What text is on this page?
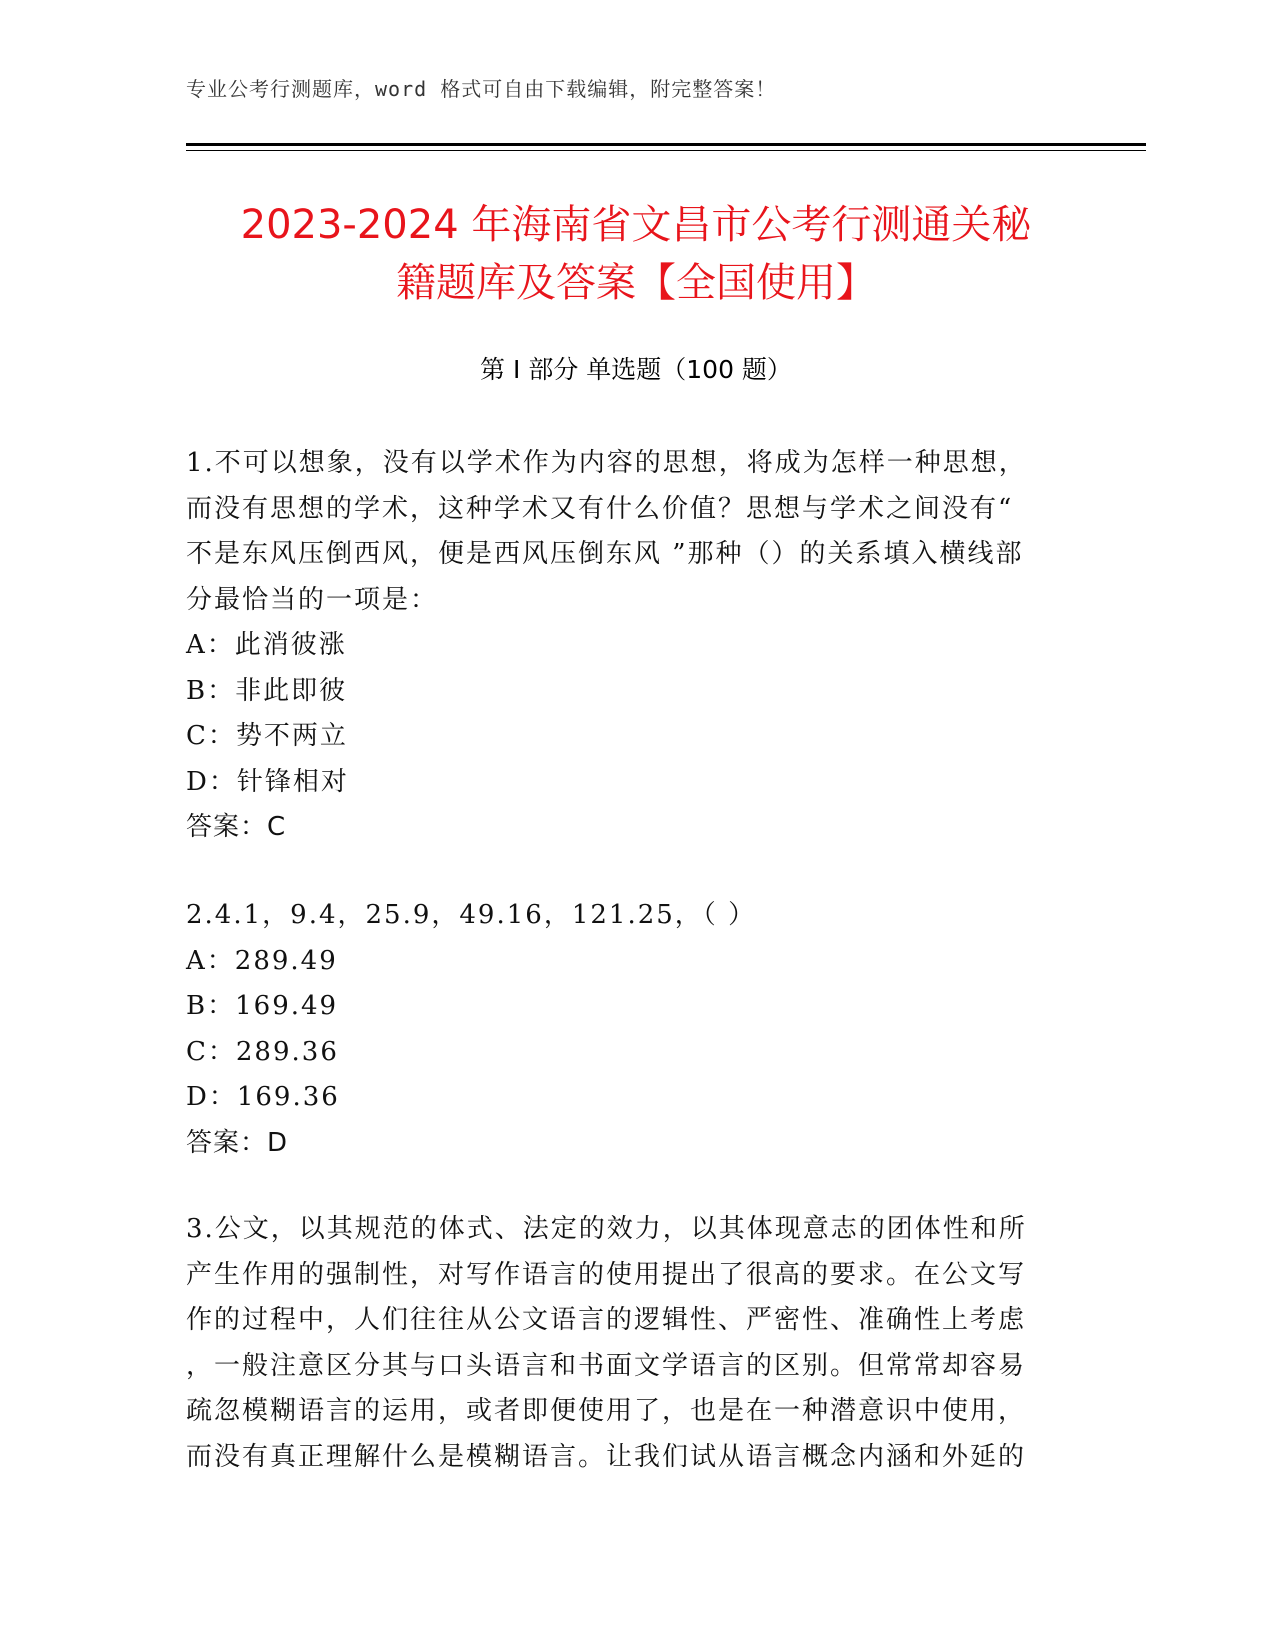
专业公考行测题库，word 格式可自由下载编辑，附完整答案！
2023-2024 年海南省文昌市公考行测通关秘
籍题库及答案【全国使用】
第 I 部分 单选题（100 题）

1.不可以想象，没有以学术作为内容的思想，将成为怎样一种思想，

而没有思想的学术，这种学术又有什么价值？思想与学术之间没有“

不是东风压倒西风，便是西风压倒东风 ”那种（）的关系填入横线部

分最恰当的一项是：

A：此消彼涨

B：非此即彼

C：势不两立

D：针锋相对

答案：C

2.4.1，9.4，25.9，49.16，121.25，（ ）

A：289.49

B：169.49

C：289.36

D：169.36

答案：D

3.公文，以其规范的体式、法定的效力，以其体现意志的团体性和所

产生作用的强制性，对写作语言的使用提出了很高的要求。在公文写

作的过程中，人们往往从公文语言的逻辑性、严密性、准确性上考虑

，一般注意区分其与口头语言和书面文学语言的区别。但常常却容易

疏忽模糊语言的运用，或者即便使用了，也是在一种潜意识中使用，

而没有真正理解什么是模糊语言。让我们试从语言概念内涵和外延的
